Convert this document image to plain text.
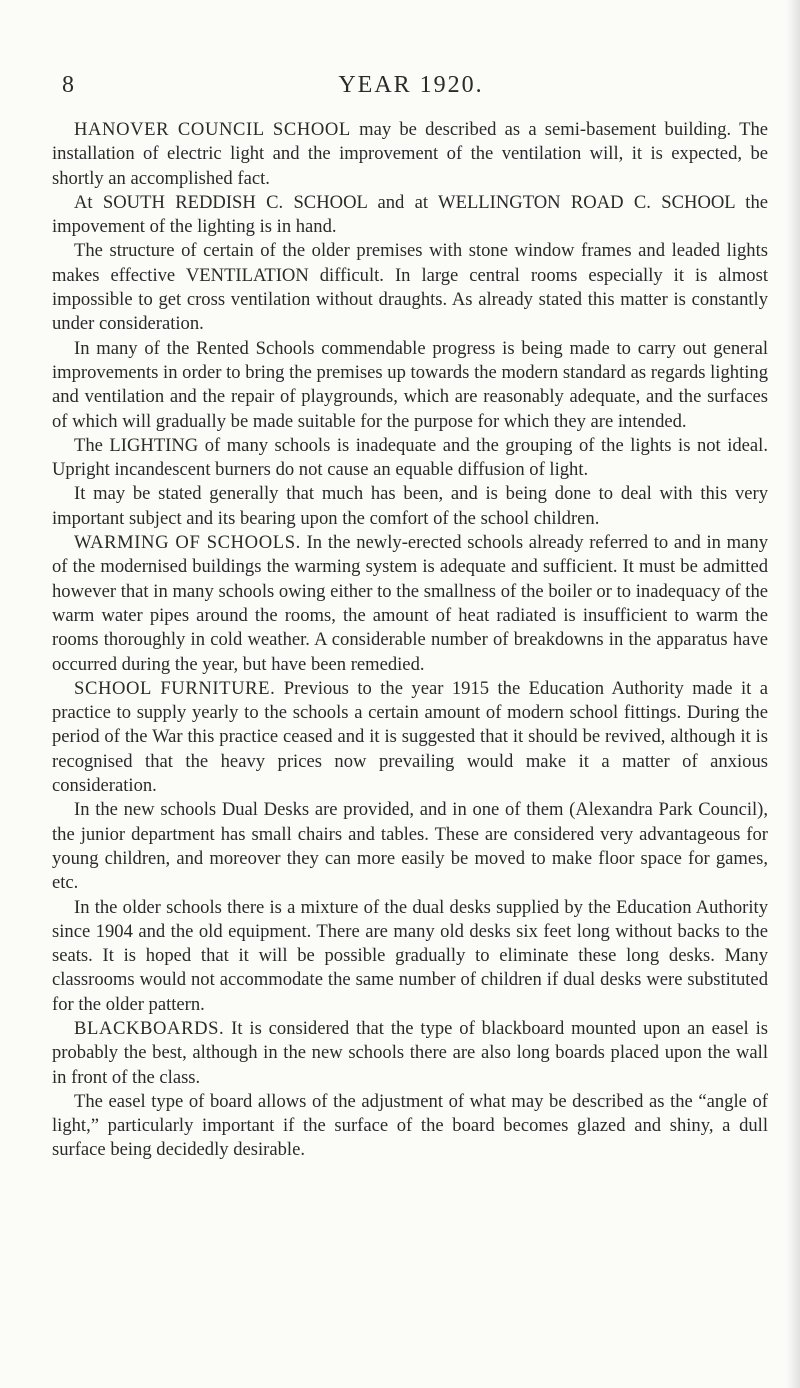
8	YEAR 1920.

HANOVER COUNCIL SCHOOL may be described as a semi-basement building. The installation of electric light and the improvement of the ventilation will, it is expected, be shortly an accomplished fact.

At SOUTH REDDISH C. SCHOOL and at WELLINGTON ROAD C. SCHOOL the impovement of the lighting is in hand.

The structure of certain of the older premises with stone window frames and leaded lights makes effective VENTILATION difficult. In large central rooms especially it is almost impossible to get cross ventilation without draughts. As already stated this matter is constantly under consideration.

In many of the Rented Schools commendable progress is being made to carry out general improvements in order to bring the premises up towards the modern standard as regards lighting and ventilation and the repair of playgrounds, which are reasonably adequate, and the surfaces of which will gradually be made suitable for the purpose for which they are intended.

The LIGHTING of many schools is inadequate and the grouping of the lights is not ideal. Upright incandescent burners do not cause an equable diffusion of light.

It may be stated generally that much has been, and is being done to deal with this very important subject and its bearing upon the comfort of the school children.

WARMING OF SCHOOLS. In the newly-erected schools already referred to and in many of the modernised buildings the warming system is adequate and sufficient. It must be admitted however that in many schools owing either to the smallness of the boiler or to inadequacy of the warm water pipes around the rooms, the amount of heat radiated is insufficient to warm the rooms thoroughly in cold weather. A considerable number of breakdowns in the apparatus have occurred during the year, but have been remedied.

SCHOOL FURNITURE. Previous to the year 1915 the Education Authority made it a practice to supply yearly to the schools a certain amount of modern school fittings. During the period of the War this practice ceased and it is suggested that it should be revived, although it is recognised that the heavy prices now prevailing would make it a matter of anxious consideration.

In the new schools Dual Desks are provided, and in one of them (Alexandra Park Council), the junior department has small chairs and tables. These are considered very advantageous for young children, and moreover they can more easily be moved to make floor space for games, etc.

In the older schools there is a mixture of the dual desks supplied by the Education Authority since 1904 and the old equipment. There are many old desks six feet long without backs to the seats. It is hoped that it will be possible gradually to eliminate these long desks. Many classrooms would not accommodate the same number of children if dual desks were substituted for the older pattern.

BLACKBOARDS. It is considered that the type of blackboard mounted upon an easel is probably the best, although in the new schools there are also long boards placed upon the wall in front of the class.

The easel type of board allows of the adjustment of what may be described as the “angle of light,” particularly important if the surface of the board becomes glazed and shiny, a dull surface being decidedly desirable.
